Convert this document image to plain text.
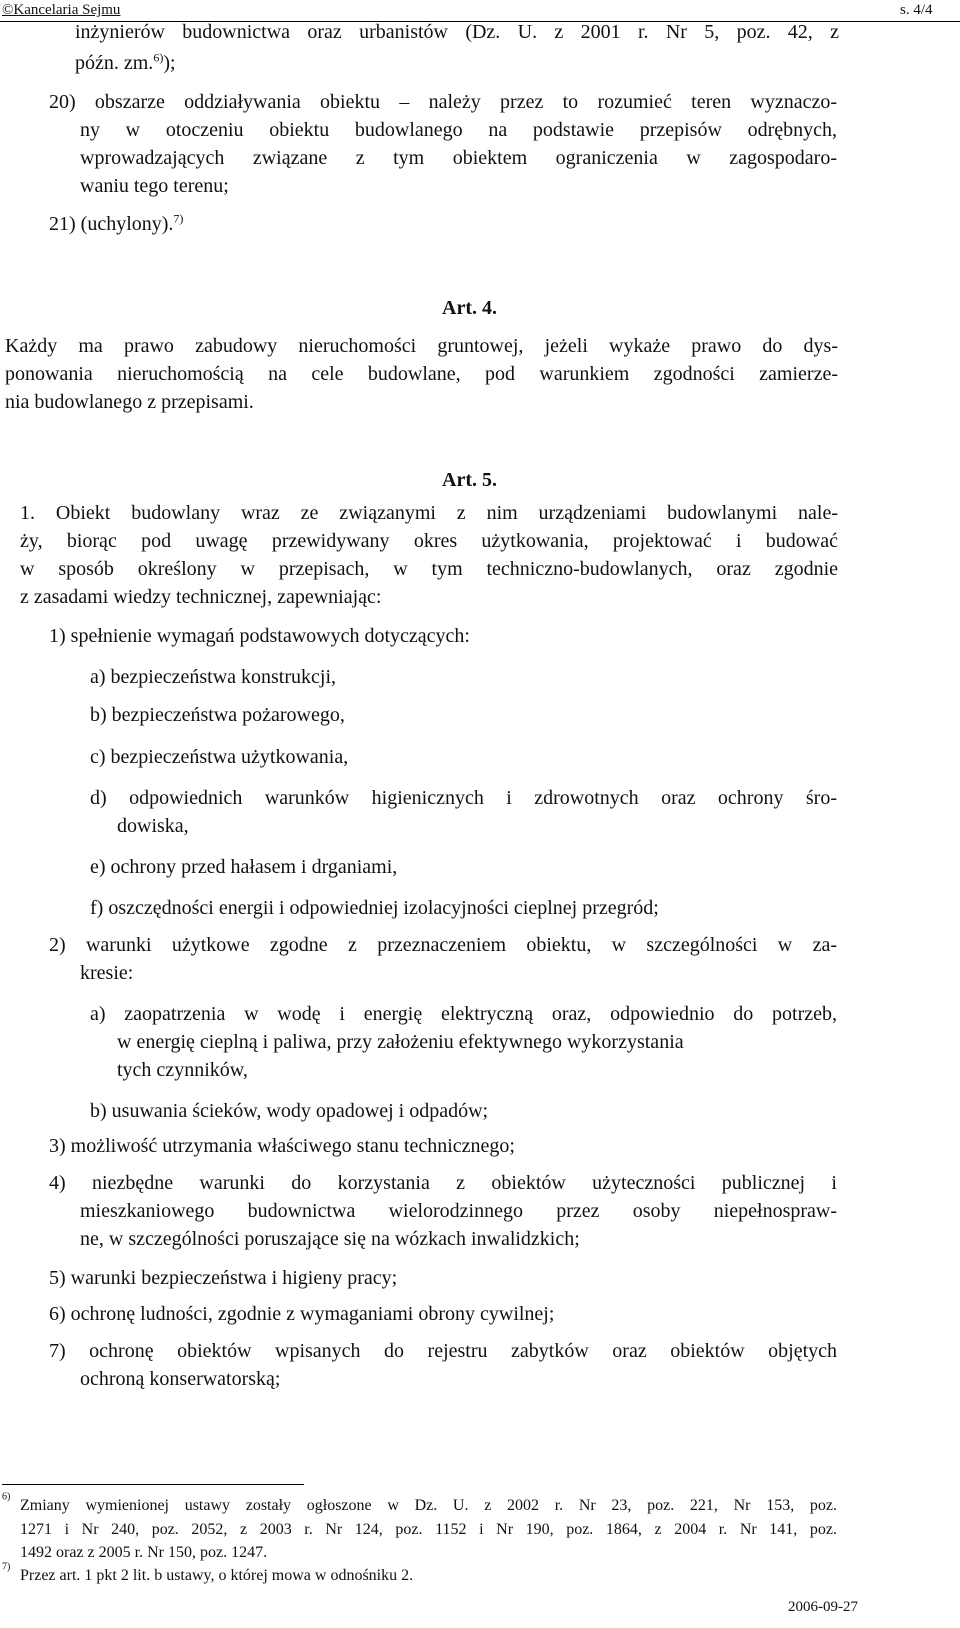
©Kancelaria Sejmu	s. 4/4
inżynierów budownictwa oraz urbanistów (Dz. U. z 2001 r. Nr 5, poz. 42, z
późn. zm.$^{6)}$);
20) obszarze oddziaływania obiektu – należy przez to rozumieć teren wyznaczo-
ny w otoczeniu obiektu budowlanego na podstawie przepisów odrębnych,
wprowadzających związane z tym obiektem ograniczenia w zagospodaro-
waniu tego terenu;
21) (uchylony).$^{7)}$
Art. 4.
Każdy ma prawo zabudowy nieruchomości gruntowej, jeżeli wykaże prawo do dys-
ponowania nieruchomością na cele budowlane, pod warunkiem zgodności zamierze-
nia budowlanego z przepisami.
Art. 5.
1. Obiekt budowlany wraz ze związanymi z nim urządzeniami budowlanymi nale-
ży, biorąc pod uwagę przewidywany okres użytkowania, projektować i budować
w sposób określony w przepisach, w tym techniczno-budowlanych, oraz zgodnie
z zasadami wiedzy technicznej, zapewniając:
1) spełnienie wymagań podstawowych dotyczących:
a) bezpieczeństwa konstrukcji,
b) bezpieczeństwa pożarowego,
c) bezpieczeństwa użytkowania,
d) odpowiednich warunków higienicznych i zdrowotnych oraz ochrony śro-
dowiska,
e) ochrony przed hałasem i drganiami,
f) oszczędności energii i odpowiedniej izolacyjności cieplnej przegród;
2) warunki użytkowe zgodne z przeznaczeniem obiektu, w szczególności w za-
kresie:
a) zaopatrzenia w wodę i energię elektryczną oraz, odpowiednio do potrzeb,
w energię cieplną i paliwa, przy założeniu efektywnego wykorzystania
tych czynników,
b) usuwania ścieków, wody opadowej i odpadów;
3) możliwość utrzymania właściwego stanu technicznego;
4) niezbędne warunki do korzystania z obiektów użyteczności publicznej i
mieszkaniowego budownictwa wielorodzinnego przez osoby niepełnospraw-
ne, w szczególności poruszające się na wózkach inwalidzkich;
5) warunki bezpieczeństwa i higieny pracy;
6) ochronę ludności, zgodnie z wymaganiami obrony cywilnej;
7) ochronę obiektów wpisanych do rejestru zabytków oraz obiektów objętych
ochroną konserwatorską;
$^{6)}$ Zmiany wymienionej ustawy zostały ogłoszone w Dz. U. z 2002 r. Nr 23, poz. 221, Nr 153, poz.
1271 i Nr 240, poz. 2052, z 2003 r. Nr 124, poz. 1152 i Nr 190, poz. 1864, z 2004 r. Nr 141, poz.
1492 oraz z 2005 r. Nr 150, poz. 1247.
$^{7)}$ Przez art. 1 pkt 2 lit. b ustawy, o której mowa w odnośniku 2.
2006-09-27
